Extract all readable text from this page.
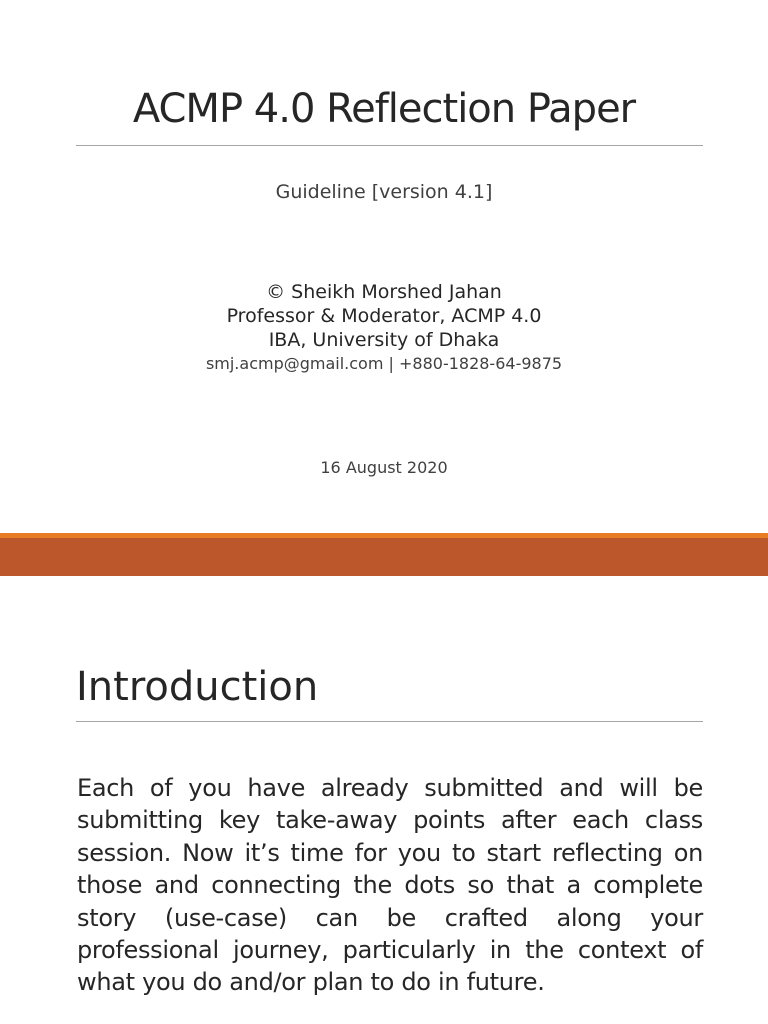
ACMP 4.0 Reflection Paper
Guideline [version 4.1]
© Sheikh Morshed Jahan
Professor & Moderator, ACMP 4.0
IBA, University of Dhaka
smj.acmp@gmail.com | +880-1828-64-9875
16 August 2020
Introduction

Each of you have already submitted and will be submitting key take-away points after each class session. Now it’s time for you to start reflecting on those and connecting the dots so that a complete story (use-case) can be crafted along your professional journey, particularly in the context of what you do and/or plan to do in future.
